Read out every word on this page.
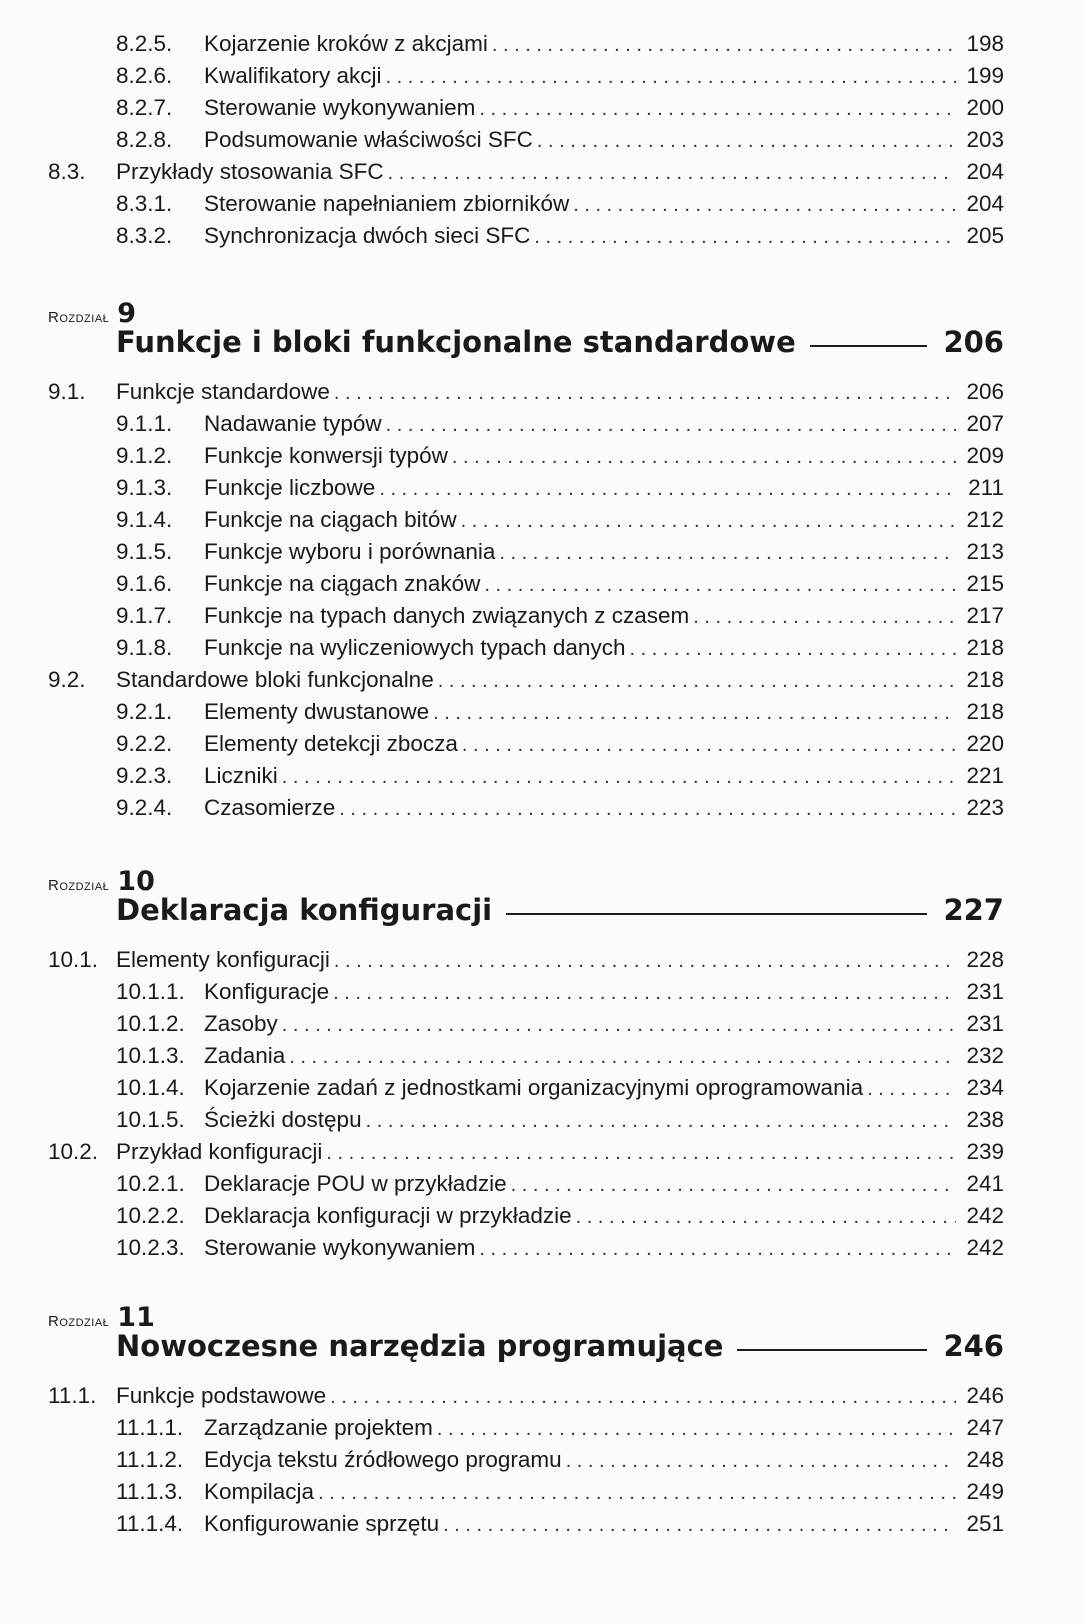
8.2.5.	Kojarzenie kroków z akcjami . . .	198
8.2.6.	Kwalifikatory akcji . . .	199
8.2.7.	Sterowanie wykonywaniem . . .	200
8.2.8.	Podsumowanie właściwości SFC . . .	203
8.3.	Przykłady stosowania SFC . . .	204
8.3.1.	Sterowanie napełnianiem zbiorników . . .	204
8.3.2.	Synchronizacja dwóch sieci SFC . . .	205
Rozdział 9
Funkcje i bloki funkcjonalne standardowe	206
9.1.	Funkcje standardowe . . .	206
9.1.1.	Nadawanie typów . . .	207
9.1.2.	Funkcje konwersji typów . . .	209
9.1.3.	Funkcje liczbowe . . .	211
9.1.4.	Funkcje na ciągach bitów . . .	212
9.1.5.	Funkcje wyboru i porównania . . .	213
9.1.6.	Funkcje na ciągach znaków . . .	215
9.1.7.	Funkcje na typach danych związanych z czasem . . .	217
9.1.8.	Funkcje na wyliczeniowych typach danych . . .	218
9.2.	Standardowe bloki funkcjonalne . . .	218
9.2.1.	Elementy dwustanowe . . .	218
9.2.2.	Elementy detekcji zbocza . . .	220
9.2.3.	Liczniki . . .	221
9.2.4.	Czasomierze . . .	223
Rozdział 10
Deklaracja konfiguracji	227
10.1. Elementy konfiguracji . . .	228
10.1.1. Konfiguracje . . .	231
10.1.2. Zasoby . . .	231
10.1.3. Zadania . . .	232
10.1.4. Kojarzenie zadań z jednostkami organizacyjnymi oprogramowania . . .	234
10.1.5. Ścieżki dostępu . . .	238
10.2. Przykład konfiguracji . . .	239
10.2.1. Deklaracje POU w przykładzie . . .	241
10.2.2. Deklaracja konfiguracji w przykładzie . . .	242
10.2.3. Sterowanie wykonywaniem . . .	242
Rozdział 11
Nowoczesne narzędzia programujące	246
11.1. Funkcje podstawowe . . .	246
11.1.1. Zarządzanie projektem . . .	247
11.1.2. Edycja tekstu źródłowego programu . . .	248
11.1.3. Kompilacja . . .	249
11.1.4. Konfigurowanie sprzętu . . .	251
